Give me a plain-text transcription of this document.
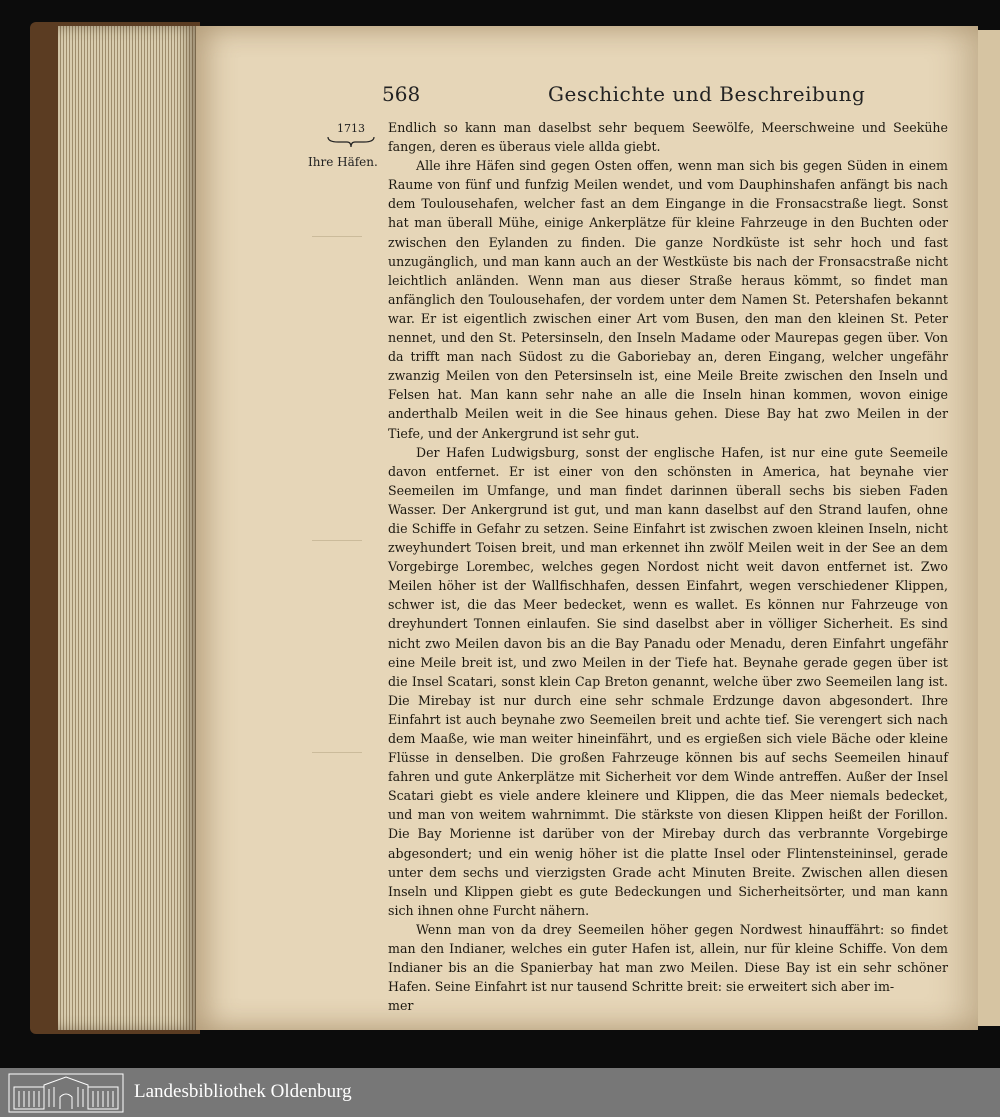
568	Geschichte und Beschreibung
1713
Ihre Häfen.

Endlich so kann man daselbst sehr bequem Seewölfe, Meerschweine und Seekühe fangen, deren es überaus viele allda giebt.

Alle ihre Häfen sind gegen Osten offen, wenn man sich bis gegen Süden in einem Raume von fünf und funfzig Meilen wendet, und vom Dauphinshafen anfängt bis nach dem Toulousehafen, welcher fast an dem Eingange in die Fronsacstraße liegt. Sonst hat man überall Mühe, einige Ankerplätze für kleine Fahrzeuge in den Buchten oder zwischen den Eylanden zu finden. Die ganze Nordküste ist sehr hoch und fast unzugänglich, und man kann auch an der Westküste bis nach der Fronsacstraße nicht leichtlich anländen. Wenn man aus dieser Straße heraus kömmt, so findet man anfänglich den Toulousehafen, der vordem unter dem Namen St. Petershafen bekannt war. Er ist eigentlich zwischen einer Art vom Busen, den man den kleinen St. Peter nennet, und den St. Petersinseln, den Inseln Madame oder Maurepas gegen über. Von da trifft man nach Südost zu die Gaboriebay an, deren Eingang, welcher ungefähr zwanzig Meilen von den Petersinseln ist, eine Meile Breite zwischen den Inseln und Felsen hat. Man kann sehr nahe an alle die Inseln hinan kommen, wovon einige anderthalb Meilen weit in die See hinaus gehen. Diese Bay hat zwo Meilen in der Tiefe, und der Ankergrund ist sehr gut.

Der Hafen Ludwigsburg, sonst der englische Hafen, ist nur eine gute Seemeile davon entfernet. Er ist einer von den schönsten in America, hat beynahe vier Seemeilen im Umfange, und man findet darinnen überall sechs bis sieben Faden Wasser. Der Ankergrund ist gut, und man kann daselbst auf den Strand laufen, ohne die Schiffe in Gefahr zu setzen. Seine Einfahrt ist zwischen zwoen kleinen Inseln, nicht zweyhundert Toisen breit, und man erkennet ihn zwölf Meilen weit in der See an dem Vorgebirge Lorembec, welches gegen Nordost nicht weit davon entfernet ist. Zwo Meilen höher ist der Wallfischhafen, dessen Einfahrt, wegen verschiedener Klippen, schwer ist, die das Meer bedecket, wenn es wallet. Es können nur Fahrzeuge von dreyhundert Tonnen einlaufen. Sie sind daselbst aber in völliger Sicherheit. Es sind nicht zwo Meilen davon bis an die Bay Panadu oder Menadu, deren Einfahrt ungefähr eine Meile breit ist, und zwo Meilen in der Tiefe hat. Beynahe gerade gegen über ist die Insel Scatari, sonst klein Cap Breton genannt, welche über zwo Seemeilen lang ist. Die Mirebay ist nur durch eine sehr schmale Erdzunge davon abgesondert. Ihre Einfahrt ist auch beynahe zwo Seemeilen breit und achte tief. Sie verengert sich nach dem Maaße, wie man weiter hineinfährt, und es ergießen sich viele Bäche oder kleine Flüsse in denselben. Die großen Fahrzeuge können bis auf sechs Seemeilen hinauf fahren und gute Ankerplätze mit Sicherheit vor dem Winde antreffen. Außer der Insel Scatari giebt es viele andere kleinere und Klippen, die das Meer niemals bedecket, und man von weitem wahrnimmt. Die stärkste von diesen Klippen heißt der Forillon. Die Bay Morienne ist darüber von der Mirebay durch das verbrannte Vorgebirge abgesondert; und ein wenig höher ist die platte Insel oder Flintensteininsel, gerade unter dem sechs und vierzigsten Grade acht Minuten Breite. Zwischen allen diesen Inseln und Klippen giebt es gute Bedeckungen und Sicherheitsörter, und man kann sich ihnen ohne Furcht nähern.

Wenn man von da drey Seemeilen höher gegen Nordwest hinauffährt: so findet man den Indianer, welches ein guter Hafen ist, allein, nur für kleine Schiffe. Von dem Indianer bis an die Spanierbay hat man zwo Meilen. Diese Bay ist ein sehr schöner Hafen. Seine Einfahrt ist nur tausend Schritte breit: sie erweitert sich aber im-

mer

Landesbibliothek Oldenburg
